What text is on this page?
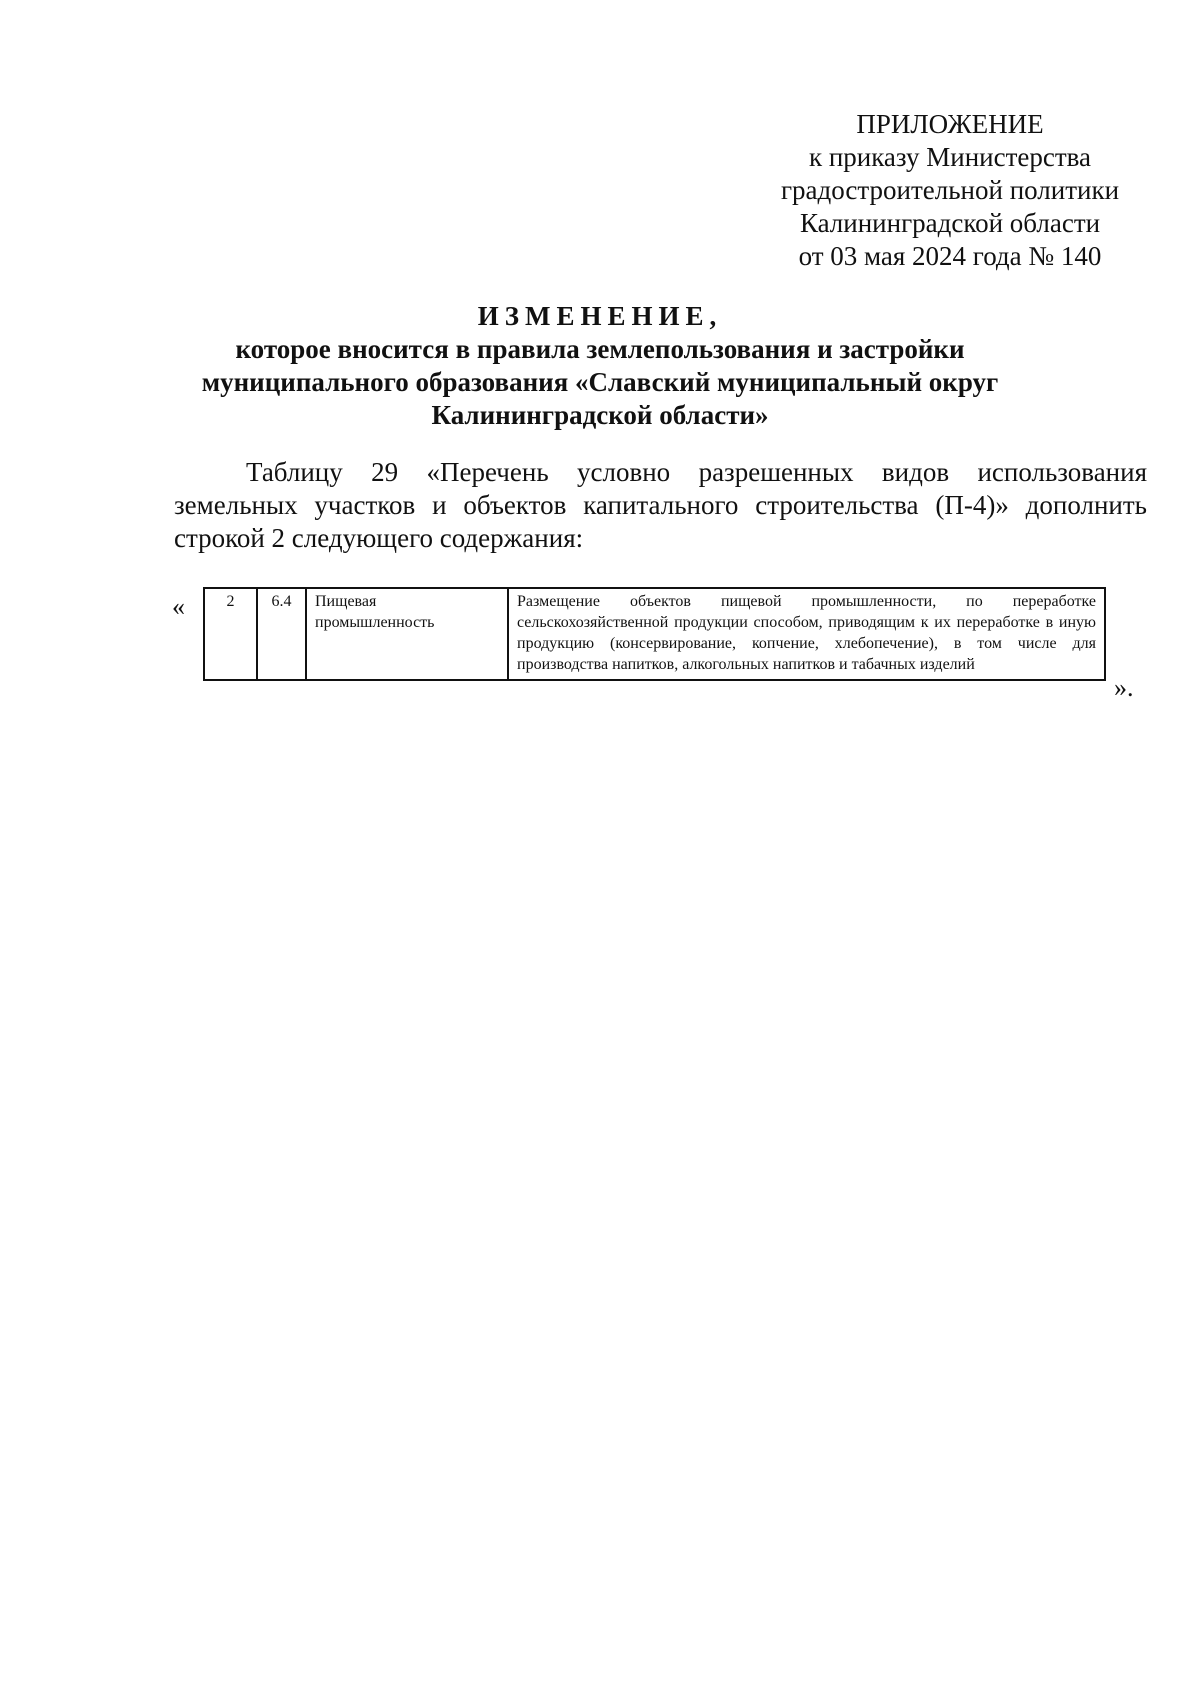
ПРИЛОЖЕНИЕ
к приказу Министерства
градостроительной политики
Калининградской области
от 03 мая 2024 года № 140
ИЗМЕНЕНИЕ,
которое вносится в правила землепользования и застройки
муниципального образования «Славский муниципальный округ
Калининградской области»

Таблицу 29 «Перечень условно разрешенных видов использования земельных участков и объектов капитального строительства (П-4)» дополнить строкой 2 следующего содержания:

«	2	6.4	Пищевая промышленность	Размещение объектов пищевой промышленности, по переработке сельскохозяйственной продукции способом, приводящим к их переработке в иную продукцию (консервирование, копчение, хлебопечение), в том числе для производства напитков, алкогольных напитков и табачных изделий
».
